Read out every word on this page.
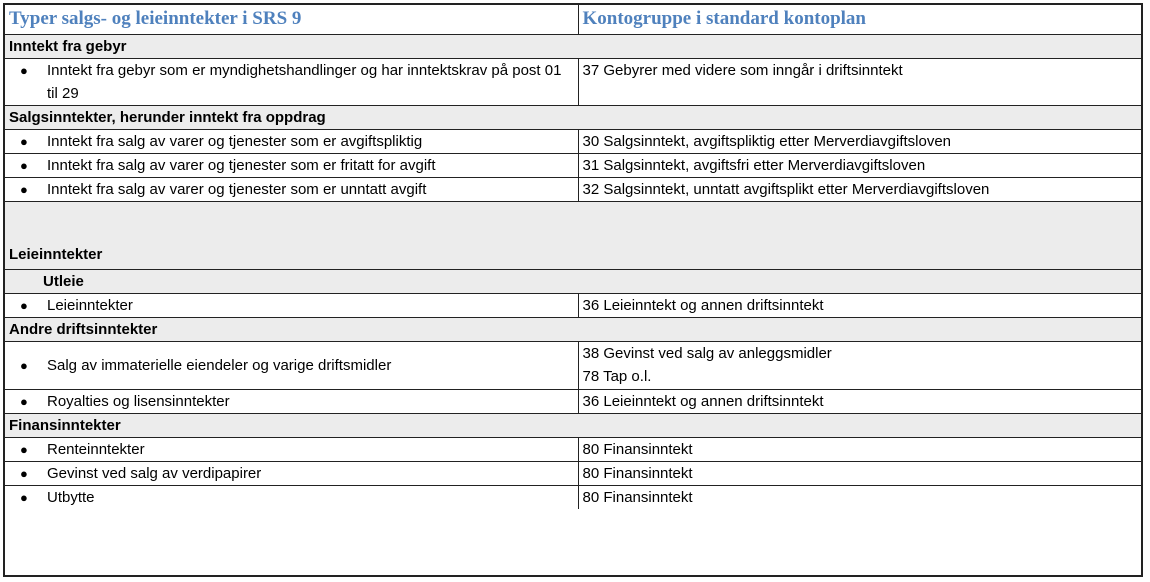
Typer salgs- og leieinntekter i SRS 9	Kontogruppe i standard kontoplan
Inntekt fra gebyr	
● Inntekt fra gebyr som er myndighetshandlinger og har inntektskrav på post 01 til 29	37 Gebyrer med videre som inngår i driftsinntekt
Salgsinntekter, herunder inntekt fra oppdrag	
● Inntekt fra salg av varer og tjenester som er avgiftspliktig	30 Salgsinntekt, avgiftspliktig etter Merverdiavgiftsloven
● Inntekt fra salg av varer og tjenester som er fritatt for avgift	31 Salgsinntekt, avgiftsfri etter Merverdiavgiftsloven
● Inntekt fra salg av varer og tjenester som er unntatt avgift	32 Salgsinntekt, unntatt avgiftsplikt etter Merverdiavgiftsloven
Leieinntekter	
Utleie	
● Leieinntekter	36 Leieinntekt og annen driftsinntekt
Andre driftsinntekter	
● Salg av immaterielle eiendeler og varige driftsmidler	38 Gevinst ved salg av anleggsmidler
78 Tap o.l.

● Royalties og lisensinntekter	36 Leieinntekt og annen driftsinntekt
Finansinntekter	
● Renteinntekter	80 Finansinntekt
● Gevinst ved salg av verdipapirer	80 Finansinntekt
● Utbytte	80 Finansinntekt
